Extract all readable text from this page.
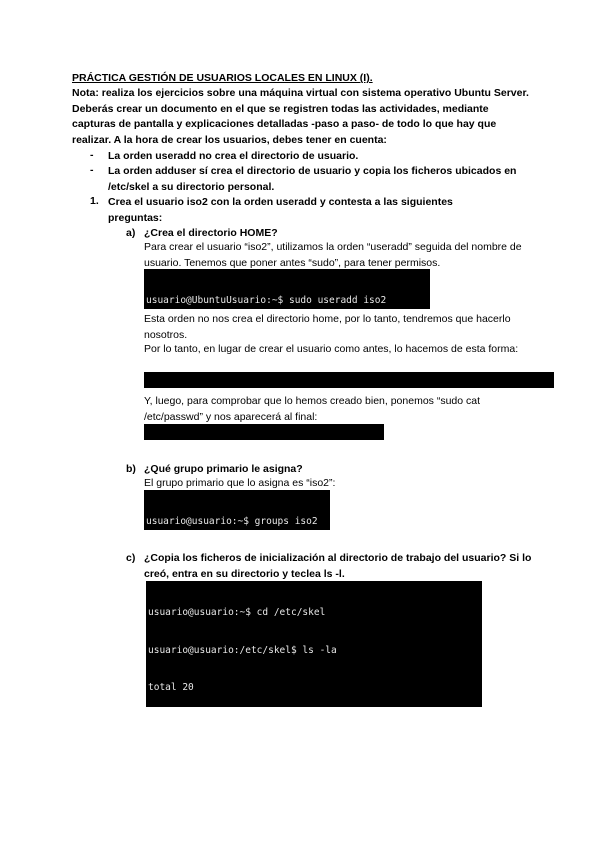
PRÁCTICA GESTIÓN DE USUARIOS LOCALES EN LINUX (I).
Nota: realiza los ejercicios sobre una máquina virtual con sistema operativo Ubuntu Server. Deberás crear un documento en el que se registren todas las actividades, mediante capturas de pantalla y explicaciones detalladas -paso a paso- de todo lo que hay que realizar. A la hora de crear los usuarios, debes tener en cuenta:
- La orden useradd no crea el directorio de usuario.
- La orden adduser sí crea el directorio de usuario y copia los ficheros ubicados en /etc/skel a su directorio personal.
1. Crea el usuario iso2 con la orden useradd y contesta a las siguientes preguntas:
a) ¿Crea el directorio HOME?
Para crear el usuario “iso2”, utilizamos la orden “useradd” seguida del nombre de usuario. Tenemos que poner antes “sudo”, para tener permisos.

usuario@UbuntuUsuario:~$ sudo useradd iso2

Esta orden no nos crea el directorio home, por lo tanto, tendremos que hacerlo nosotros.
Por lo tanto, en lugar de crear el usuario como antes, lo hacemos de esta forma:

Y, luego, para comprobar que lo hemos creado bien, ponemos “sudo cat /etc/passwd” y nos aparecerá al final:

b) ¿Qué grupo primario le asigna?
El grupo primario que lo asigna es “iso2”:

usuario@usuario:~$ groups iso2

c) ¿Copia los ficheros de inicialización al directorio de trabajo del usuario? Si lo creó, entra en su directorio y teclea ls -l.

usuario@usuario:~$ cd /etc/skel

usuario@usuario:/etc/skel$ ls -la

total 20
